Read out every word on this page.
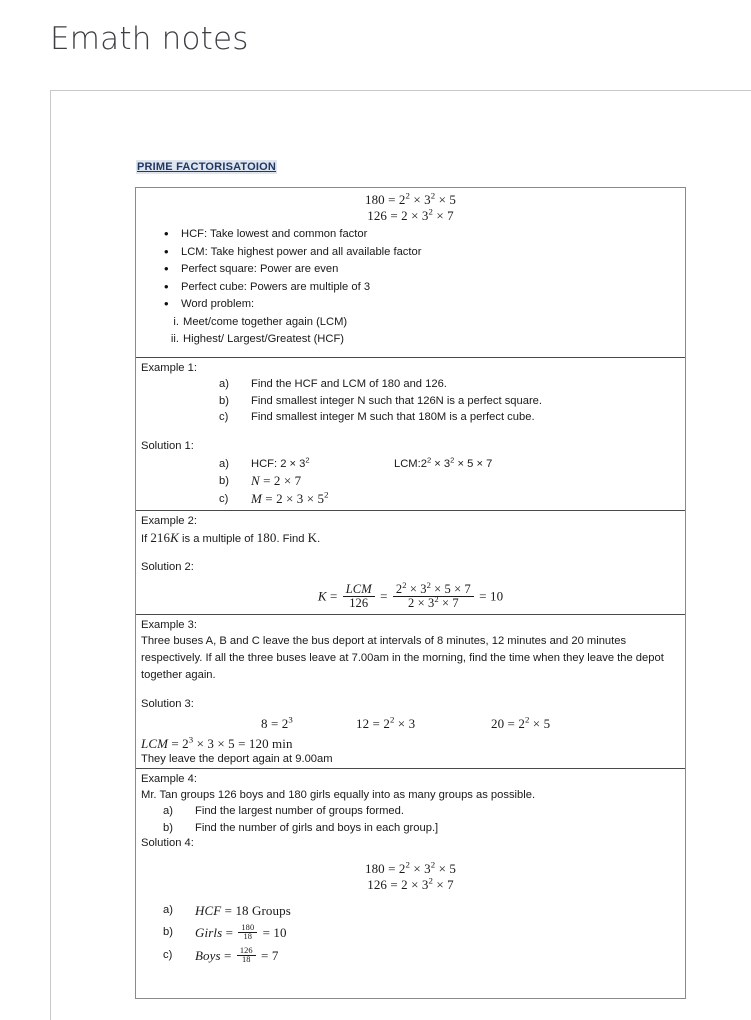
Emath notes
PRIME FACTORISATOION
$180 = 2^2 \times 3^2 \times 5$
$126 = 2 \times 3^2 \times 7$
• HCF: Take lowest and common factor
• LCM: Take highest power and all available factor
• Perfect square: Power are even
• Perfect cube: Powers are multiple of 3
• Word problem:
i. Meet/come together again (LCM)
ii. Highest/ Largest/Greatest (HCF)
Example 1:
a)	Find the HCF and LCM of 180 and 126.
b)	Find smallest integer N such that 126N is a perfect square.
c)	Find smallest integer M such that 180M is a perfect cube.
Solution 1:
a)	HCF: $2 \times 3^2$	$LCM:2^2 \times 3^2 \times 5 \times 7$
b)	N = 2 × 7
c)	$M = 2 \times 3 \times 5^2$
Example 2:
If 216K is a multiple of 180. Find K.
Solution 2:
$K = \frac{\text{LCM}}{126} = \frac{2^2 \times 3^2 \times 5 \times 7}{2 \times 3^2 \times 7} = 10$
Example 3:
Three buses A, B and C leave the bus deport at intervals of 8 minutes, 12 minutes and 20 minutes respectively. If all the three buses leave at 7.00am in the morning, find the time when they leave the depot together again.
Solution 3:
$8 = 2^3$	$12 = 2^2 \times 3$	$20 = 2^2 \times 5$
LCM = $2^3 \times 3 \times 5 = 120$ min
They leave the deport again at 9.00am
Example 4:
Mr. Tan groups 126 boys and 180 girls equally into as many groups as possible.
a)	Find the largest number of groups formed.
b)	Find the number of girls and boys in each group.]
Solution 4:
$180 = 2^2 \times 3^2 \times 5$
$126 = 2 \times 3^2 \times 7$
a)	HCF = 18 Groups
b)	Girls = $\frac{180}{18} = 10$
c)	Boys = $\frac{126}{18} = 7$
